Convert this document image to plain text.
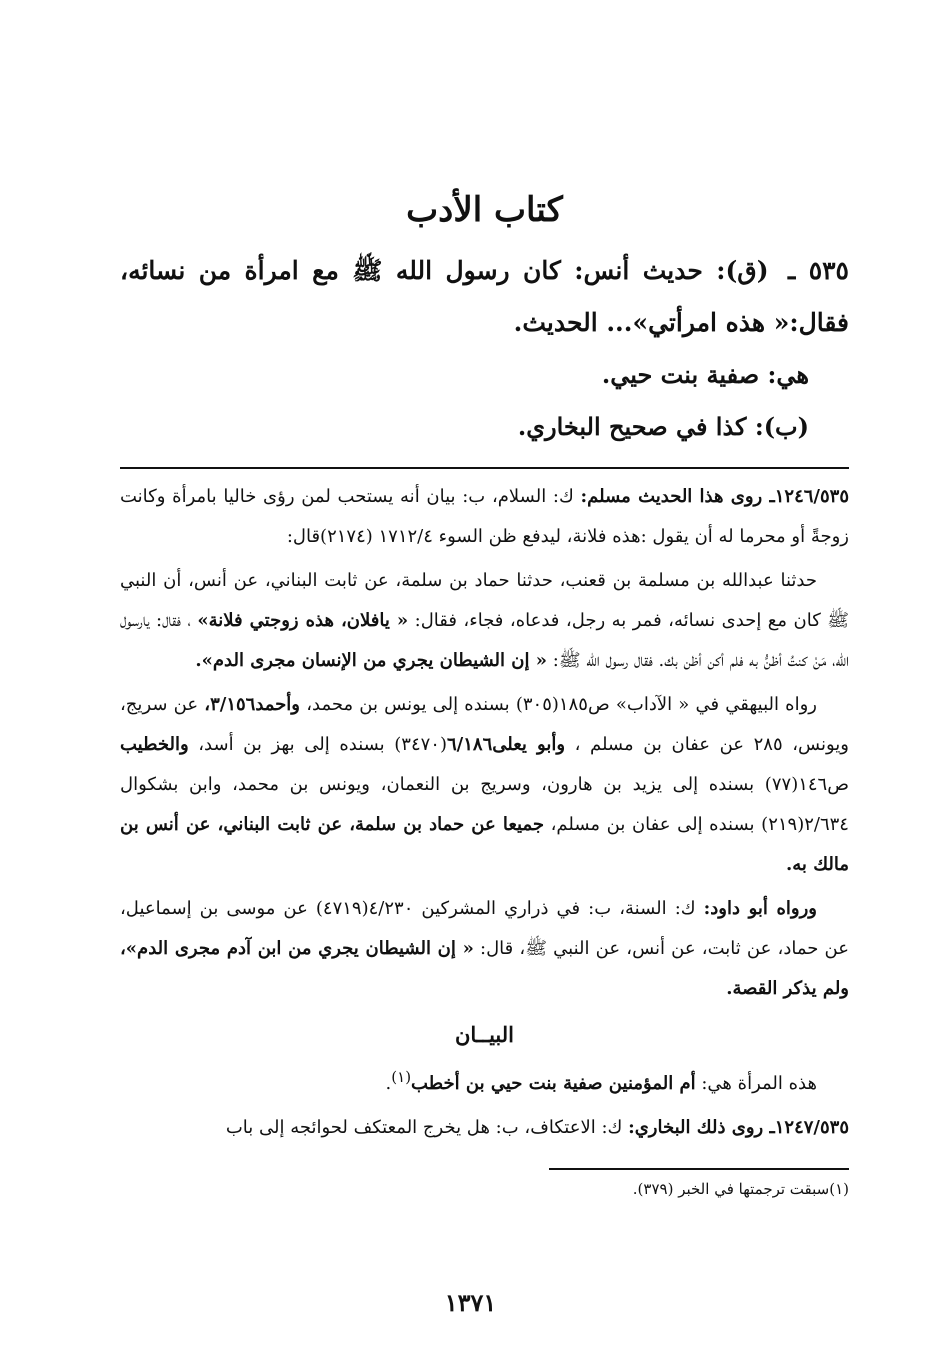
كتاب الأدب

٥٣٥ ـ (ق): حديث أنس: كان رسول الله ﷺ مع امرأة من نسائه، فقال:« هذه امرأتي»... الحديث.

هي: صفية بنت حيي.

(ب): كذا في صحيح البخاري.

١٢٤٦/٥٣٥ـ روى هذا الحديث مسلم: ك: السلام، ب: بيان أنه يستحب لمن رؤى خاليا بامرأة وكانت زوجةً أو محرما له أن يقول :هذه فلانة، ليدفع ظن السوء ١٧١٢/٤ (٢١٧٤)قال:

حدثنا عبدالله بن مسلمة بن قعنب، حدثنا حماد بن سلمة، عن ثابت البناني، عن أنس، أن النبي ﷺ كان مع إحدى نسائه، فمر به رجل، فدعاه، فجاء، فقال: « يافلان، هذه زوجتي فلانة» ، فقال: يارسول الله، مَنْ كنتُ أظنُّ به فلم أكن أظن بك. فقال رسول الله ﷺ: « إن الشيطان يجري من الإنسان مجرى الدم».

رواه البيهقي في « الآداب» ص١٨٥(٣٠٥) بسنده إلى يونس بن محمد، وأحمد٣/١٥٦، عن سريج، ويونس، ٢٨٥ عن عفان بن مسلم ، وأبو يعلى٦/١٨٦(٣٤٧٠) بسنده إلى بهز بن أسد، والخطيب ص١٤٦(٧٧) بسنده إلى يزيد بن هارون، وسريج بن النعمان، ويونس بن محمد، وابن بشكوال ٢/٦٣٤(٢١٩) بسنده إلى عفان بن مسلم، جميعا عن حماد بن سلمة، عن ثابت البناني، عن أنس بن مالك به.

ورواه أبو داود: ك: السنة، ب: في ذراري المشركين ٤/٢٣٠(٤٧١٩) عن موسى بن إسماعيل، عن حماد، عن ثابت، عن أنس، عن النبي ﷺ، قال: « إن الشيطان يجري من ابن آدم مجرى الدم»، ولم يذكر القصة.

البيــان

هذه المرأة هي: أم المؤمنين صفية بنت حيي بن أخطب$^{(١)}$.

١٢٤٧/٥٣٥ـ روى ذلك البخاري: ك: الاعتكاف، ب: هل يخرج المعتكف لحوائجه إلى باب

(١)سبقت ترجمتها في الخبر (٣٧٩).

١٣٧١
